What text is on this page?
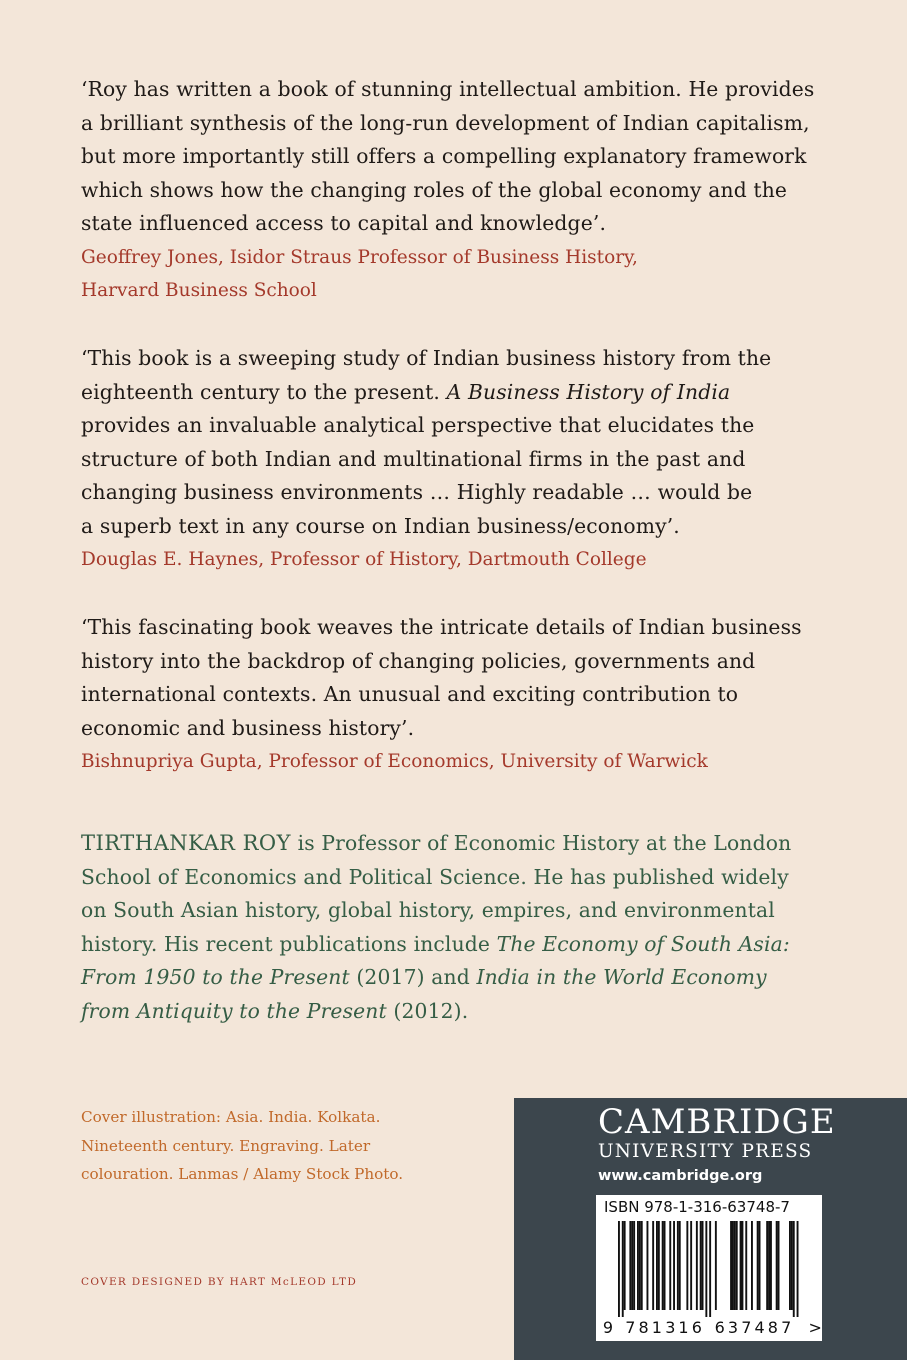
‘Roy has written a book of stunning intellectual ambition. He provides
a brilliant synthesis of the long-run development of Indian capitalism,
but more importantly still offers a compelling explanatory framework
which shows how the changing roles of the global economy and the
state influenced access to capital and knowledge’.

Geoffrey Jones, Isidor Straus Professor of Business History,
Harvard Business School

‘This book is a sweeping study of Indian business history from the
eighteenth century to the present. A Business History of India
provides an invaluable analytical perspective that elucidates the
structure of both Indian and multinational firms in the past and
changing business environments … Highly readable … would be
a superb text in any course on Indian business/economy’.

Douglas E. Haynes, Professor of History, Dartmouth College

‘This fascinating book weaves the intricate details of Indian business
history into the backdrop of changing policies, governments and
international contexts. An unusual and exciting contribution to
economic and business history’.

Bishnupriya Gupta, Professor of Economics, University of Warwick
TIRTHANKAR ROY is Professor of Economic History at the London
School of Economics and Political Science. He has published widely
on South Asian history, global history, empires, and environmental
history. His recent publications include The Economy of South Asia:
From 1950 to the Present (2017) and India in the World Economy
from Antiquity to the Present (2012).
Cover illustration: Asia. India. Kolkata.
Nineteenth century. Engraving. Later
colouration. Lanmas / Alamy Stock Photo.
COVER DESIGNED BY HART McLEOD LTD
CAMBRIDGE
UNIVERSITY PRESS
www.cambridge.org
ISBN 978-1-316-63748-7
9 7 8 1 3 1 6 6 3 7 4 8 7 >
